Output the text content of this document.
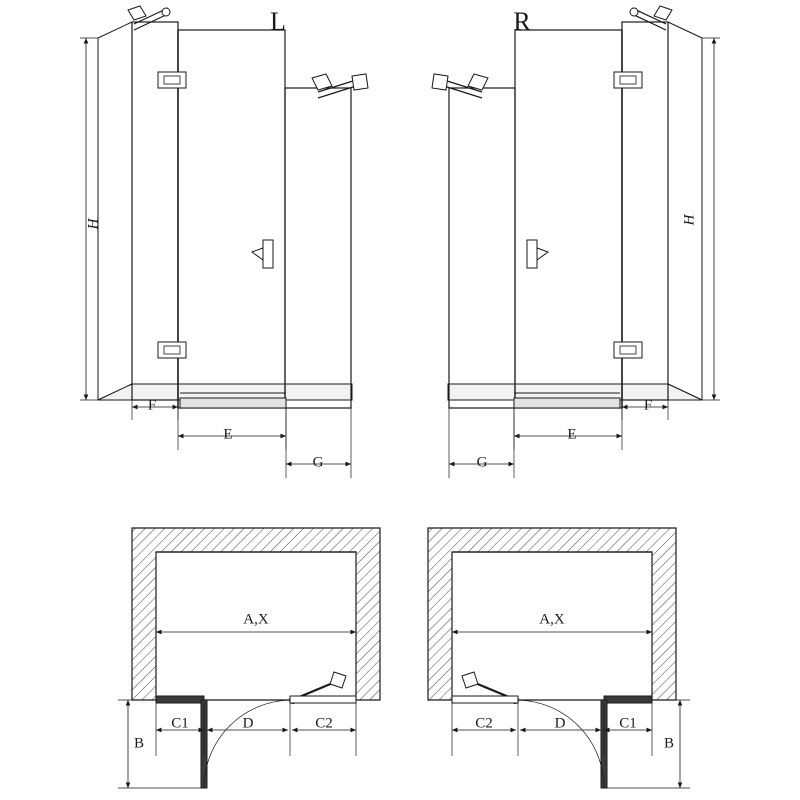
L
H
F
E
G
R
H
F
E
G
A,X
C1	D	C2
B
A,X
C2	D	C1
B
